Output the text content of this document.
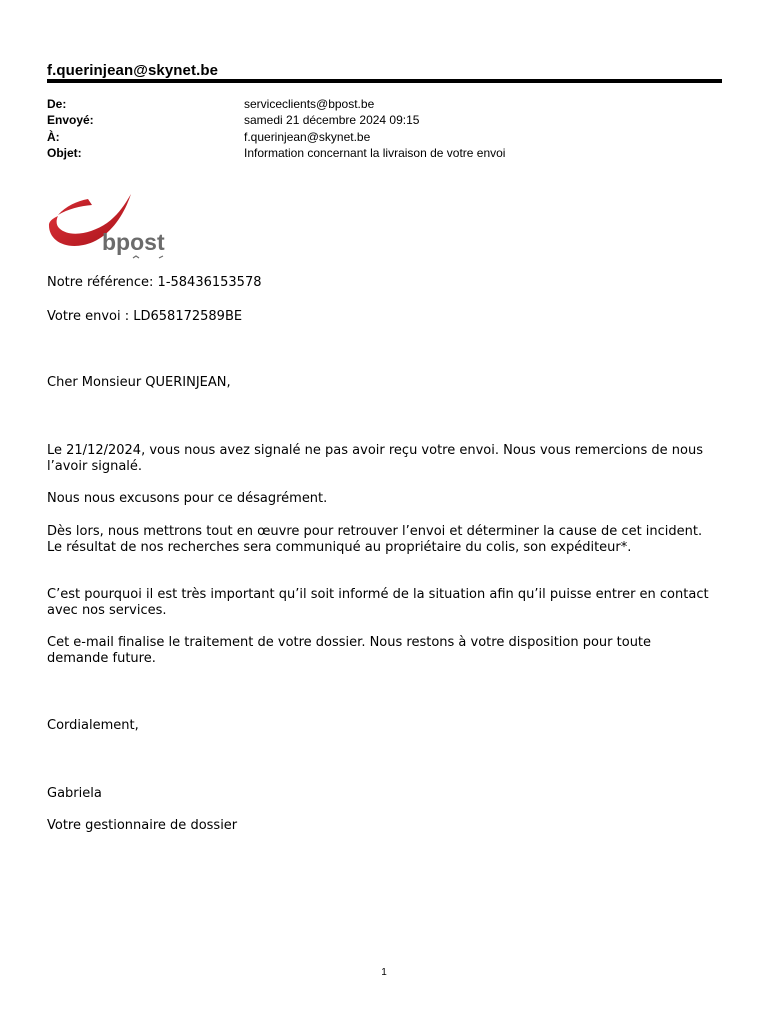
f.querinjean@skynet.be
De:	serviceclients@bpost.be
Envoyé:	samedi 21 décembre 2024 09:15
À:	f.querinjean@skynet.be
Objet:	Information concernant la livraison de votre envoi
bpost
Notre référence: 1-58436153578
Votre envoi : LD658172589BE
Cher Monsieur QUERINJEAN,
Le 21/12/2024, vous nous avez signalé ne pas avoir reçu votre envoi. Nous vous remercions de nous l’avoir signalé.
Nous nous excusons pour ce désagrément.
Dès lors, nous mettrons tout en œuvre pour retrouver l’envoi et déterminer la cause de cet incident. Le résultat de nos recherches sera communiqué au propriétaire du colis, son expéditeur*.
C’est pourquoi il est très important qu’il soit informé de la situation afin qu’il puisse entrer en contact avec nos services.
Cet e-mail finalise le traitement de votre dossier. Nous restons à votre disposition pour toute demande future.
Cordialement,
Gabriela
Votre gestionnaire de dossier
1
